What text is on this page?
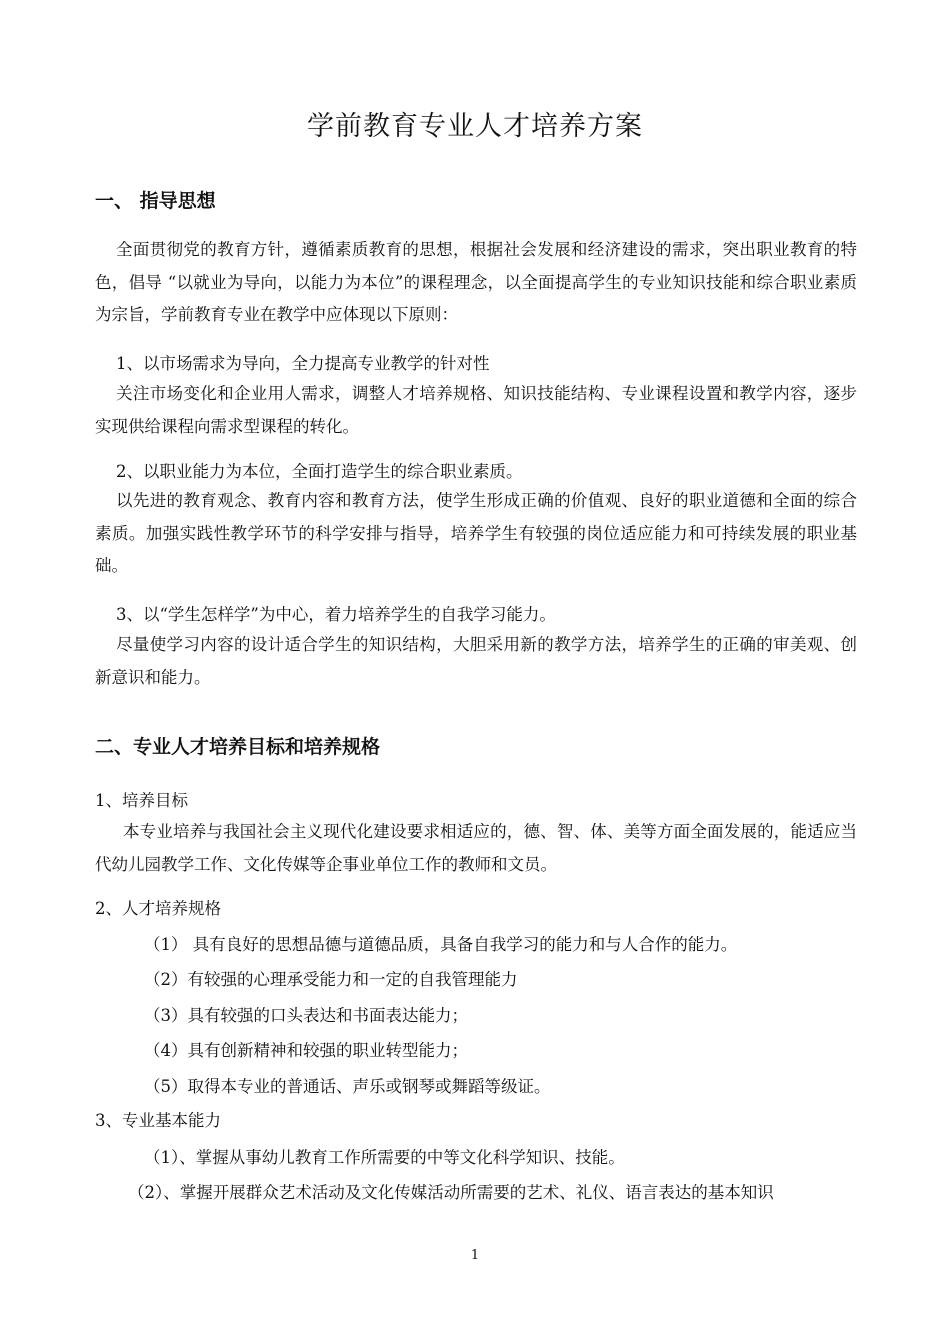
学前教育专业人才培养方案
一、 指导思想
全面贯彻党的教育方针，遵循素质教育的思想，根据社会发展和经济建设的需求，突出职业教育的特色，倡导 “以就业为导向，以能力为本位”的课程理念，以全面提高学生的专业知识技能和综合职业素质为宗旨，学前教育专业在教学中应体现以下原则：
1、以市场需求为导向，全力提高专业教学的针对性
关注市场变化和企业用人需求，调整人才培养规格、知识技能结构、专业课程设置和教学内容，逐步实现供给课程向需求型课程的转化。
2、以职业能力为本位，全面打造学生的综合职业素质。
以先进的教育观念、教育内容和教育方法，使学生形成正确的价值观、良好的职业道德和全面的综合素质。加强实践性教学环节的科学安排与指导，培养学生有较强的岗位适应能力和可持续发展的职业基础。
3、以“学生怎样学”为中心，着力培养学生的自我学习能力。
尽量使学习内容的设计适合学生的知识结构，大胆采用新的教学方法，培养学生的正确的审美观、创新意识和能力。
二、专业人才培养目标和培养规格
1、培养目标
本专业培养与我国社会主义现代化建设要求相适应的，德、智、体、美等方面全面发展的，能适应当代幼儿园教学工作、文化传媒等企事业单位工作的教师和文员。
2、人才培养规格
（1） 具有良好的思想品德与道德品质，具备自我学习的能力和与人合作的能力。
（2）有较强的心理承受能力和一定的自我管理能力
（3）具有较强的口头表达和书面表达能力；
（4）具有创新精神和较强的职业转型能力；
（5）取得本专业的普通话、声乐或钢琴或舞蹈等级证。
3、专业基本能力
（1）、掌握从事幼儿教育工作所需要的中等文化科学知识、技能。
（2）、掌握开展群众艺术活动及文化传媒活动所需要的艺术、礼仪、语言表达的基本知识
1
